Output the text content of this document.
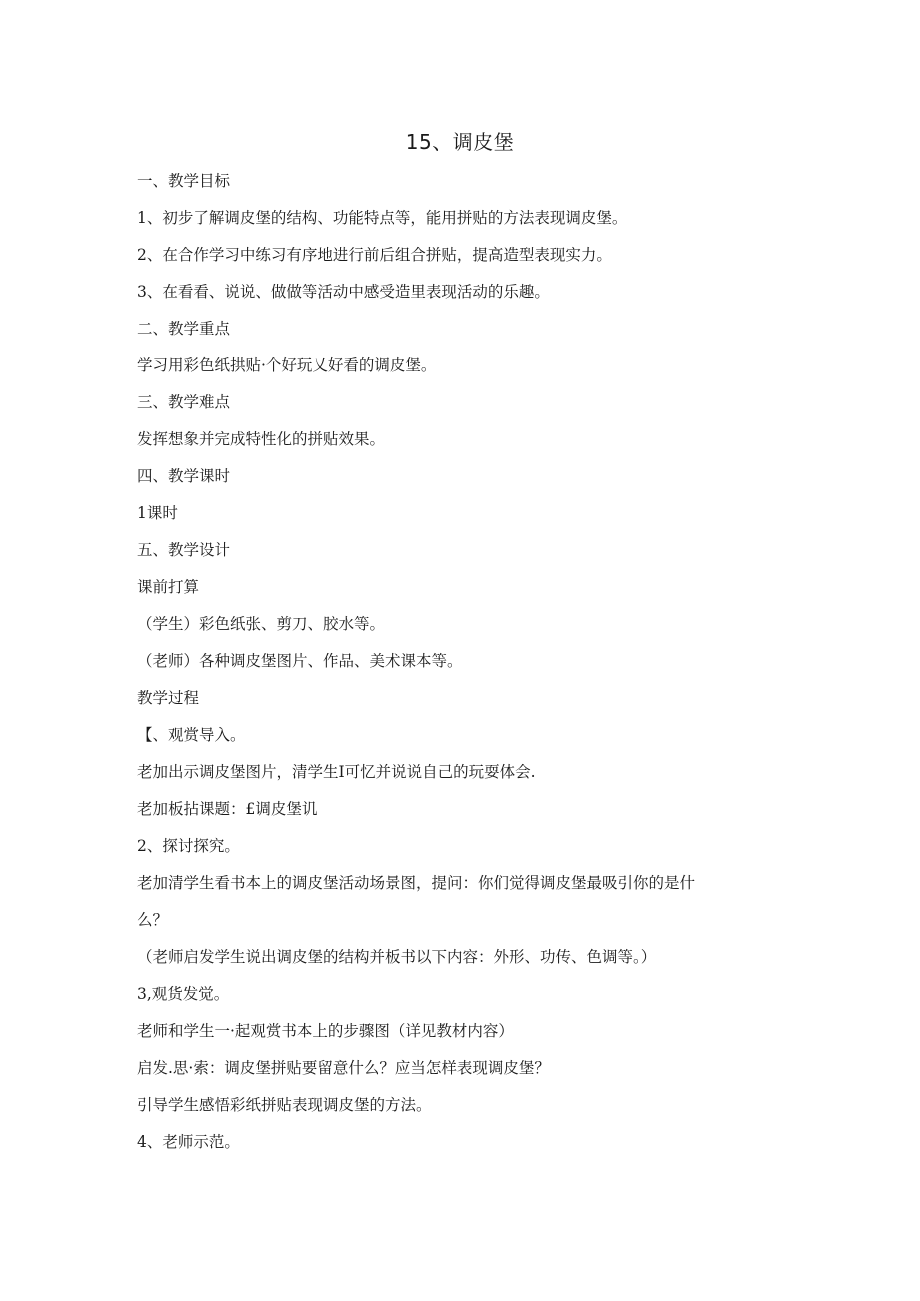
15、调皮堡
一、教学目标
1、初步了解调皮堡的结构、功能特点等，能用拼贴的方法表现调皮堡。
2、在合作学习中练习有序地进行前后组合拼贴，提高造型表现实力。
3、在看看、说说、做做等活动中感受造里表现活动的乐趣。
二、教学重点
学习用彩色纸拱贴·个好玩乂好看的调皮堡。
三、教学难点
发挥想象并完成特性化的拼贴效果。
四、教学课时
1课时
五、教学设计
课前打算
（学生）彩色纸张、剪刀、胶水等。
（老师）各种调皮堡图片、作品、美术课本等。
教学过程
【、观赏导入。
老加出示调皮堡图片，清学生I可忆并说说自己的玩耍体会.
老加板拈课题：£调皮堡讥
2、探讨探究。
老加清学生看书本上的调皮堡活动场景图，提问：你们觉得调皮堡最吸引你的是什
么？
（老师启发学生说出调皮堡的结构并板书以下内容：外形、功传、色调等。）
3,观货发觉。
老师和学生一·起观赏书本上的步骤图（详见教材内容）
启发.思·索：调皮堡拼贴要留意什么？应当怎样表现调皮堡？
引导学生感悟彩纸拼贴表现调皮堡的方法。
4、老师示范。
